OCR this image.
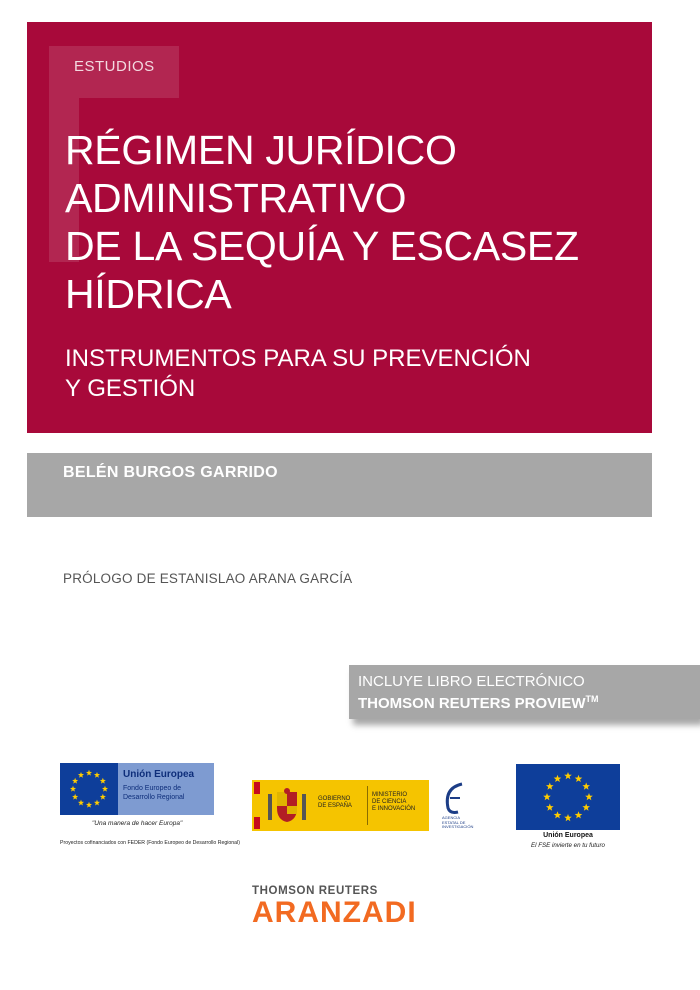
ESTUDIOS
RÉGIMEN JURÍDICO
ADMINISTRATIVO
DE LA SEQUÍA Y ESCASEZ
HÍDRICA
INSTRUMENTOS PARA SU PREVENCIÓN
Y GESTIÓN
BELÉN BURGOS GARRIDO
PRÓLOGO DE ESTANISLAO ARANA GARCÍA
INCLUYE LIBRO ELECTRÓNICO
THOMSON REUTERS PROVIEW™
Unión Europea
Fondo Europeo de Desarrollo Regional
"Una manera de hacer Europa"
Proyectos cofinanciados con FEDER (Fondo Europeo de Desarrollo Regional)
GOBIERNO
DE ESPAÑA
MINISTERIO
DE CIENCIA
E INNOVACIÓN
AGENCIA
ESTATAL DE
INVESTIGACIÓN
Unión Europea
El FSE invierte en tu futuro
THOMSON REUTERS
ARANZADI
